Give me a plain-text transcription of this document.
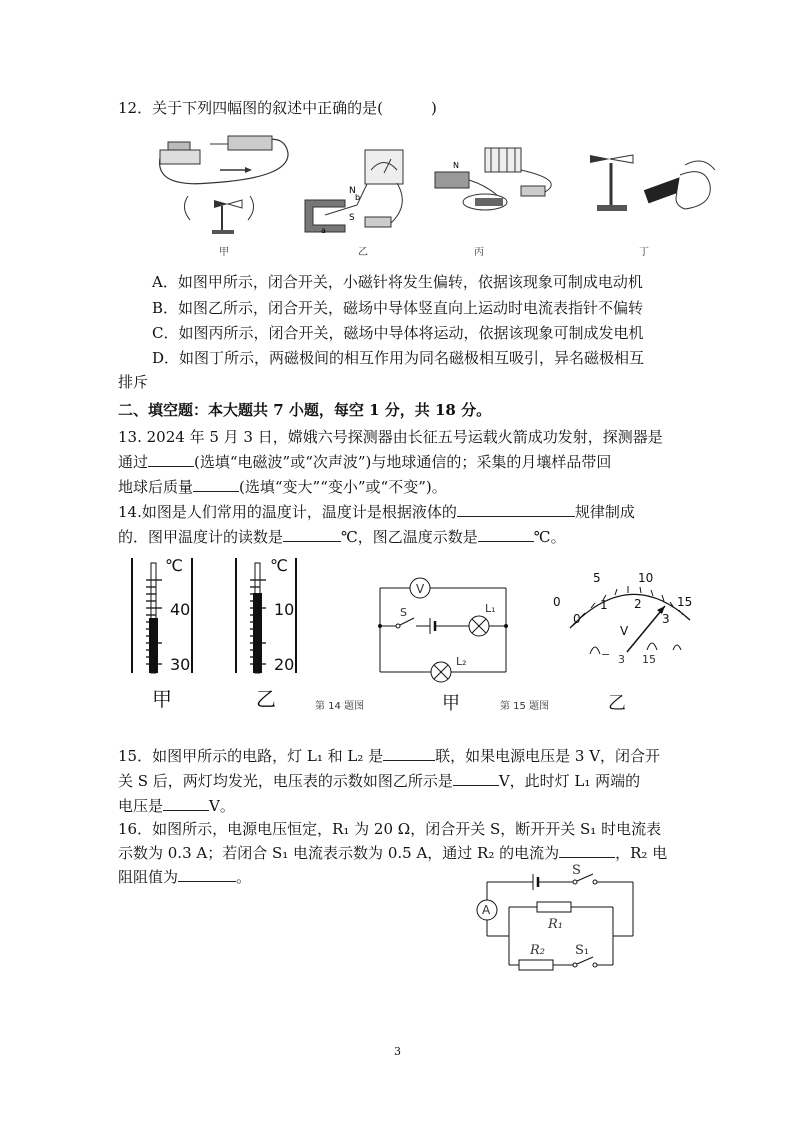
12．关于下列四幅图的叙述中正确的是(	)
甲
N
S
b
a
乙
N
丙	丁
A．如图甲所示，闭合开关，小磁针将发生偏转，依据该现象可制成电动机
B．如图乙所示，闭合开关，磁场中导体竖直向上运动时电流表指针不偏转
C．如图丙所示，闭合开关，磁场中导体将运动，依据该现象可制成发电机
D．如图丁所示，两磁极间的相互作用为同名磁极相互吸引，异名磁极相互
排斥
二、填空题：本大题共 7 小题，每空 1 分，共 18 分。
13. 2024 年 5 月 3 日，嫦娥六号探测器由长征五号运载火箭成功发射，探测器是
通过	(选填“电磁波”或“次声波”)与地球通信的；采集的月壤样品带回
地球后质量	(选填“变大”“变小”或“不变”)。
14.如图是人们常用的温度计，温度计是根据液体的	规律制成
的．图甲温度计的读数是	℃，图乙温度示数是	℃。
℃
40
30
甲
℃
10
20
乙	第 14 题图
V
S	L₁
L₂
甲	第 15 题图
0
5	10
15
0
1 2
3
V
− 3 15
乙
15．如图甲所示的电路，灯 L₁ 和 L₂ 是	联，如果电源电压是 3 V，闭合开
关 S 后，两灯均发光，电压表的示数如图乙所示是	V，此时灯 L₁ 两端的
电压是	V。
16．如图所示，电源电压恒定，R₁ 为 20 Ω，闭合开关 S，断开开关 S₁ 时电流表
示数为 0.3 A；若闭合 S₁ 电流表示数为 0.5 A，通过 R₂ 的电流为	，R₂ 电
阻阻值为	。
A
S
R₁
R₂ S₁
3
